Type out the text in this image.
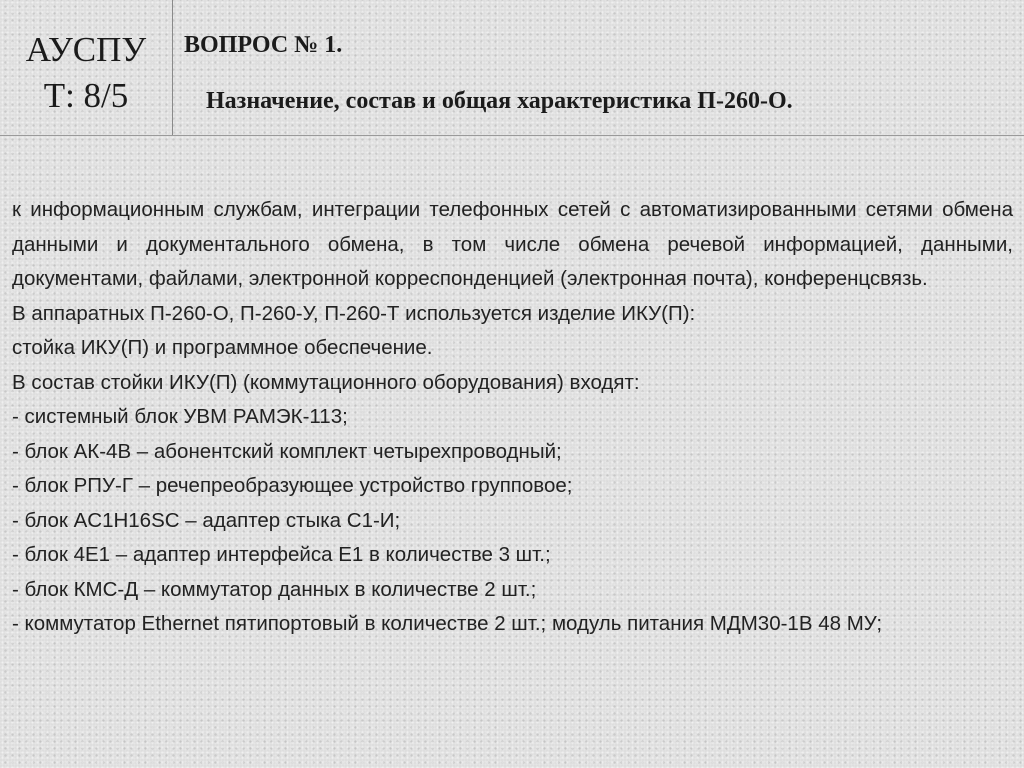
АУСПУ
Т: 8/5
ВОПРОС № 1.
Назначение, состав и общая характеристика П-260-О.

к информационным службам, интеграции телефонных сетей с автоматизированными сетями обмена данными и документального обмена, в том числе обмена речевой информацией, данными, документами, файлами, электронной корреспонденцией (электронная почта), конференцсвязь.

В аппаратных П-260-О, П-260-У, П-260-Т используется изделие ИКУ(П):

стойка ИКУ(П) и программное обеспечение.

В состав стойки ИКУ(П) (коммутационного оборудования) входят:

- системный блок УВМ РАМЭК-113;

- блок АК-4В – абонентский комплект четырехпроводный;

- блок РПУ-Г – речепреобразующее устройство групповое;

- блок AC1H16SC – адаптер стыка С1-И;

- блок 4E1 – адаптер интерфейса Е1 в количестве 3 шт.;

- блок КМС-Д – коммутатор данных в количестве 2 шт.;

- коммутатор Ethernet пятипортовый в количестве 2 шт.; модуль питания МДМ30-1В 48 МУ;
